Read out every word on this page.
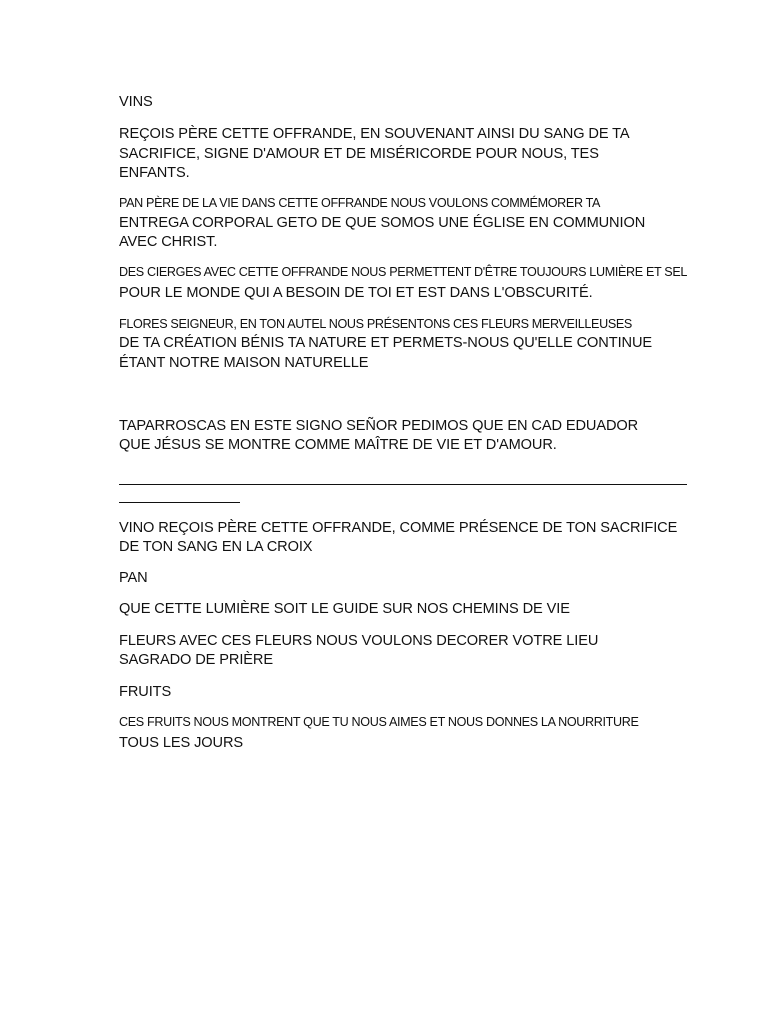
VINS
REÇOIS PÈRE CETTE OFFRANDE, EN SOUVENANT AINSI DU SANG DE TA
SACRIFICE, SIGNE D'AMOUR ET DE MISÉRICORDE POUR NOUS, TES
ENFANTS.
PAN PÈRE DE LA VIE DANS CETTE OFFRANDE NOUS VOULONS COMMÉMORER TA
ENTREGA CORPORAL GETO DE QUE SOMOS UNE ÉGLISE EN COMMUNION
AVEC CHRIST.
DES CIERGES AVEC CETTE OFFRANDE NOUS PERMETTENT D'ÊTRE TOUJOURS LUMIÈRE ET SEL
POUR LE MONDE QUI A BESOIN DE TOI ET EST DANS L'OBSCURITÉ.
FLORES SEIGNEUR, EN TON AUTEL NOUS PRÉSENTONS CES FLEURS MERVEILLEUSES
DE TA CRÉATION BÉNIS TA NATURE ET PERMETS-NOUS QU'ELLE CONTINUE
ÉTANT NOTRE MAISON NATURELLE
TAPARROSCAS EN ESTE SIGNO SEÑOR PEDIMOS QUE EN CAD EDUADOR
QUE JÉSUS SE MONTRE COMME MAÎTRE DE VIE ET D'AMOUR.
VINO REÇOIS PÈRE CETTE OFFRANDE, COMME PRÉSENCE DE TON SACRIFICE
DE TON SANG EN LA CROIX
PAN
QUE CETTE LUMIÈRE SOIT LE GUIDE SUR NOS CHEMINS DE VIE
FLEURS AVEC CES FLEURS NOUS VOULONS DECORER VOTRE LIEU
SAGRADO DE PRIÈRE
FRUITS
CES FRUITS NOUS MONTRENT QUE TU NOUS AIMES ET NOUS DONNES LA NOURRITURE
TOUS LES JOURS
